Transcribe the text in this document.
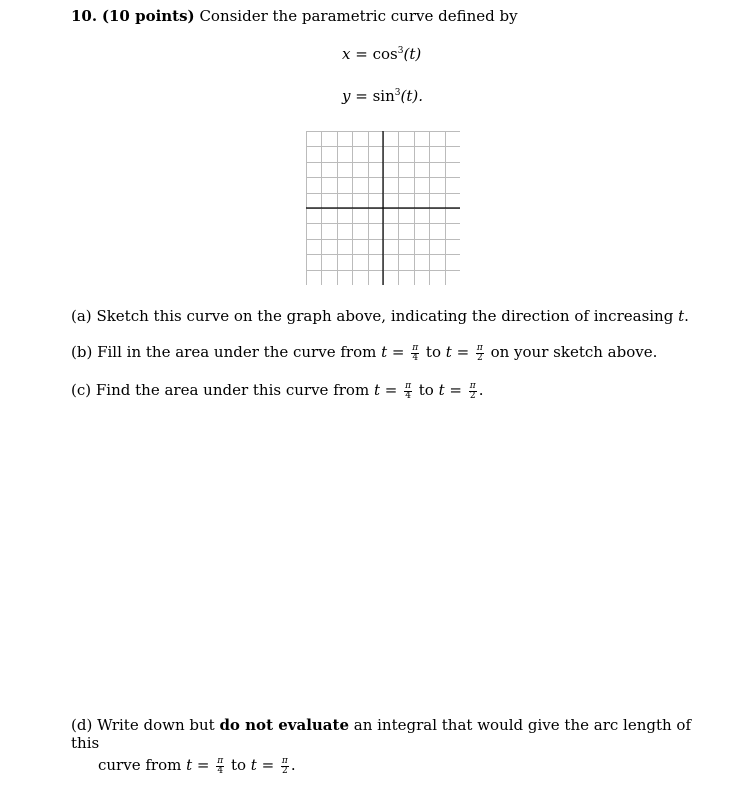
10. (10 points) Consider the parametric curve defined by
$x = \cos^3(t)$
$y = \sin^3(t)$.
(a) Sketch this curve on the graph above, indicating the direction of increasing t.
(b) Fill in the area under the curve from $t = \frac{\pi}{4}$ to $t = \frac{\pi}{2}$ on your sketch above.
(c) Find the area under this curve from $t = \frac{\pi}{4}$ to $t = \frac{\pi}{2}$ .
(d) Write down but do not evaluate an integral that would give the arc length of this
curve from $t = \frac{\pi}{4}$ to $t = \frac{\pi}{2}$ .
